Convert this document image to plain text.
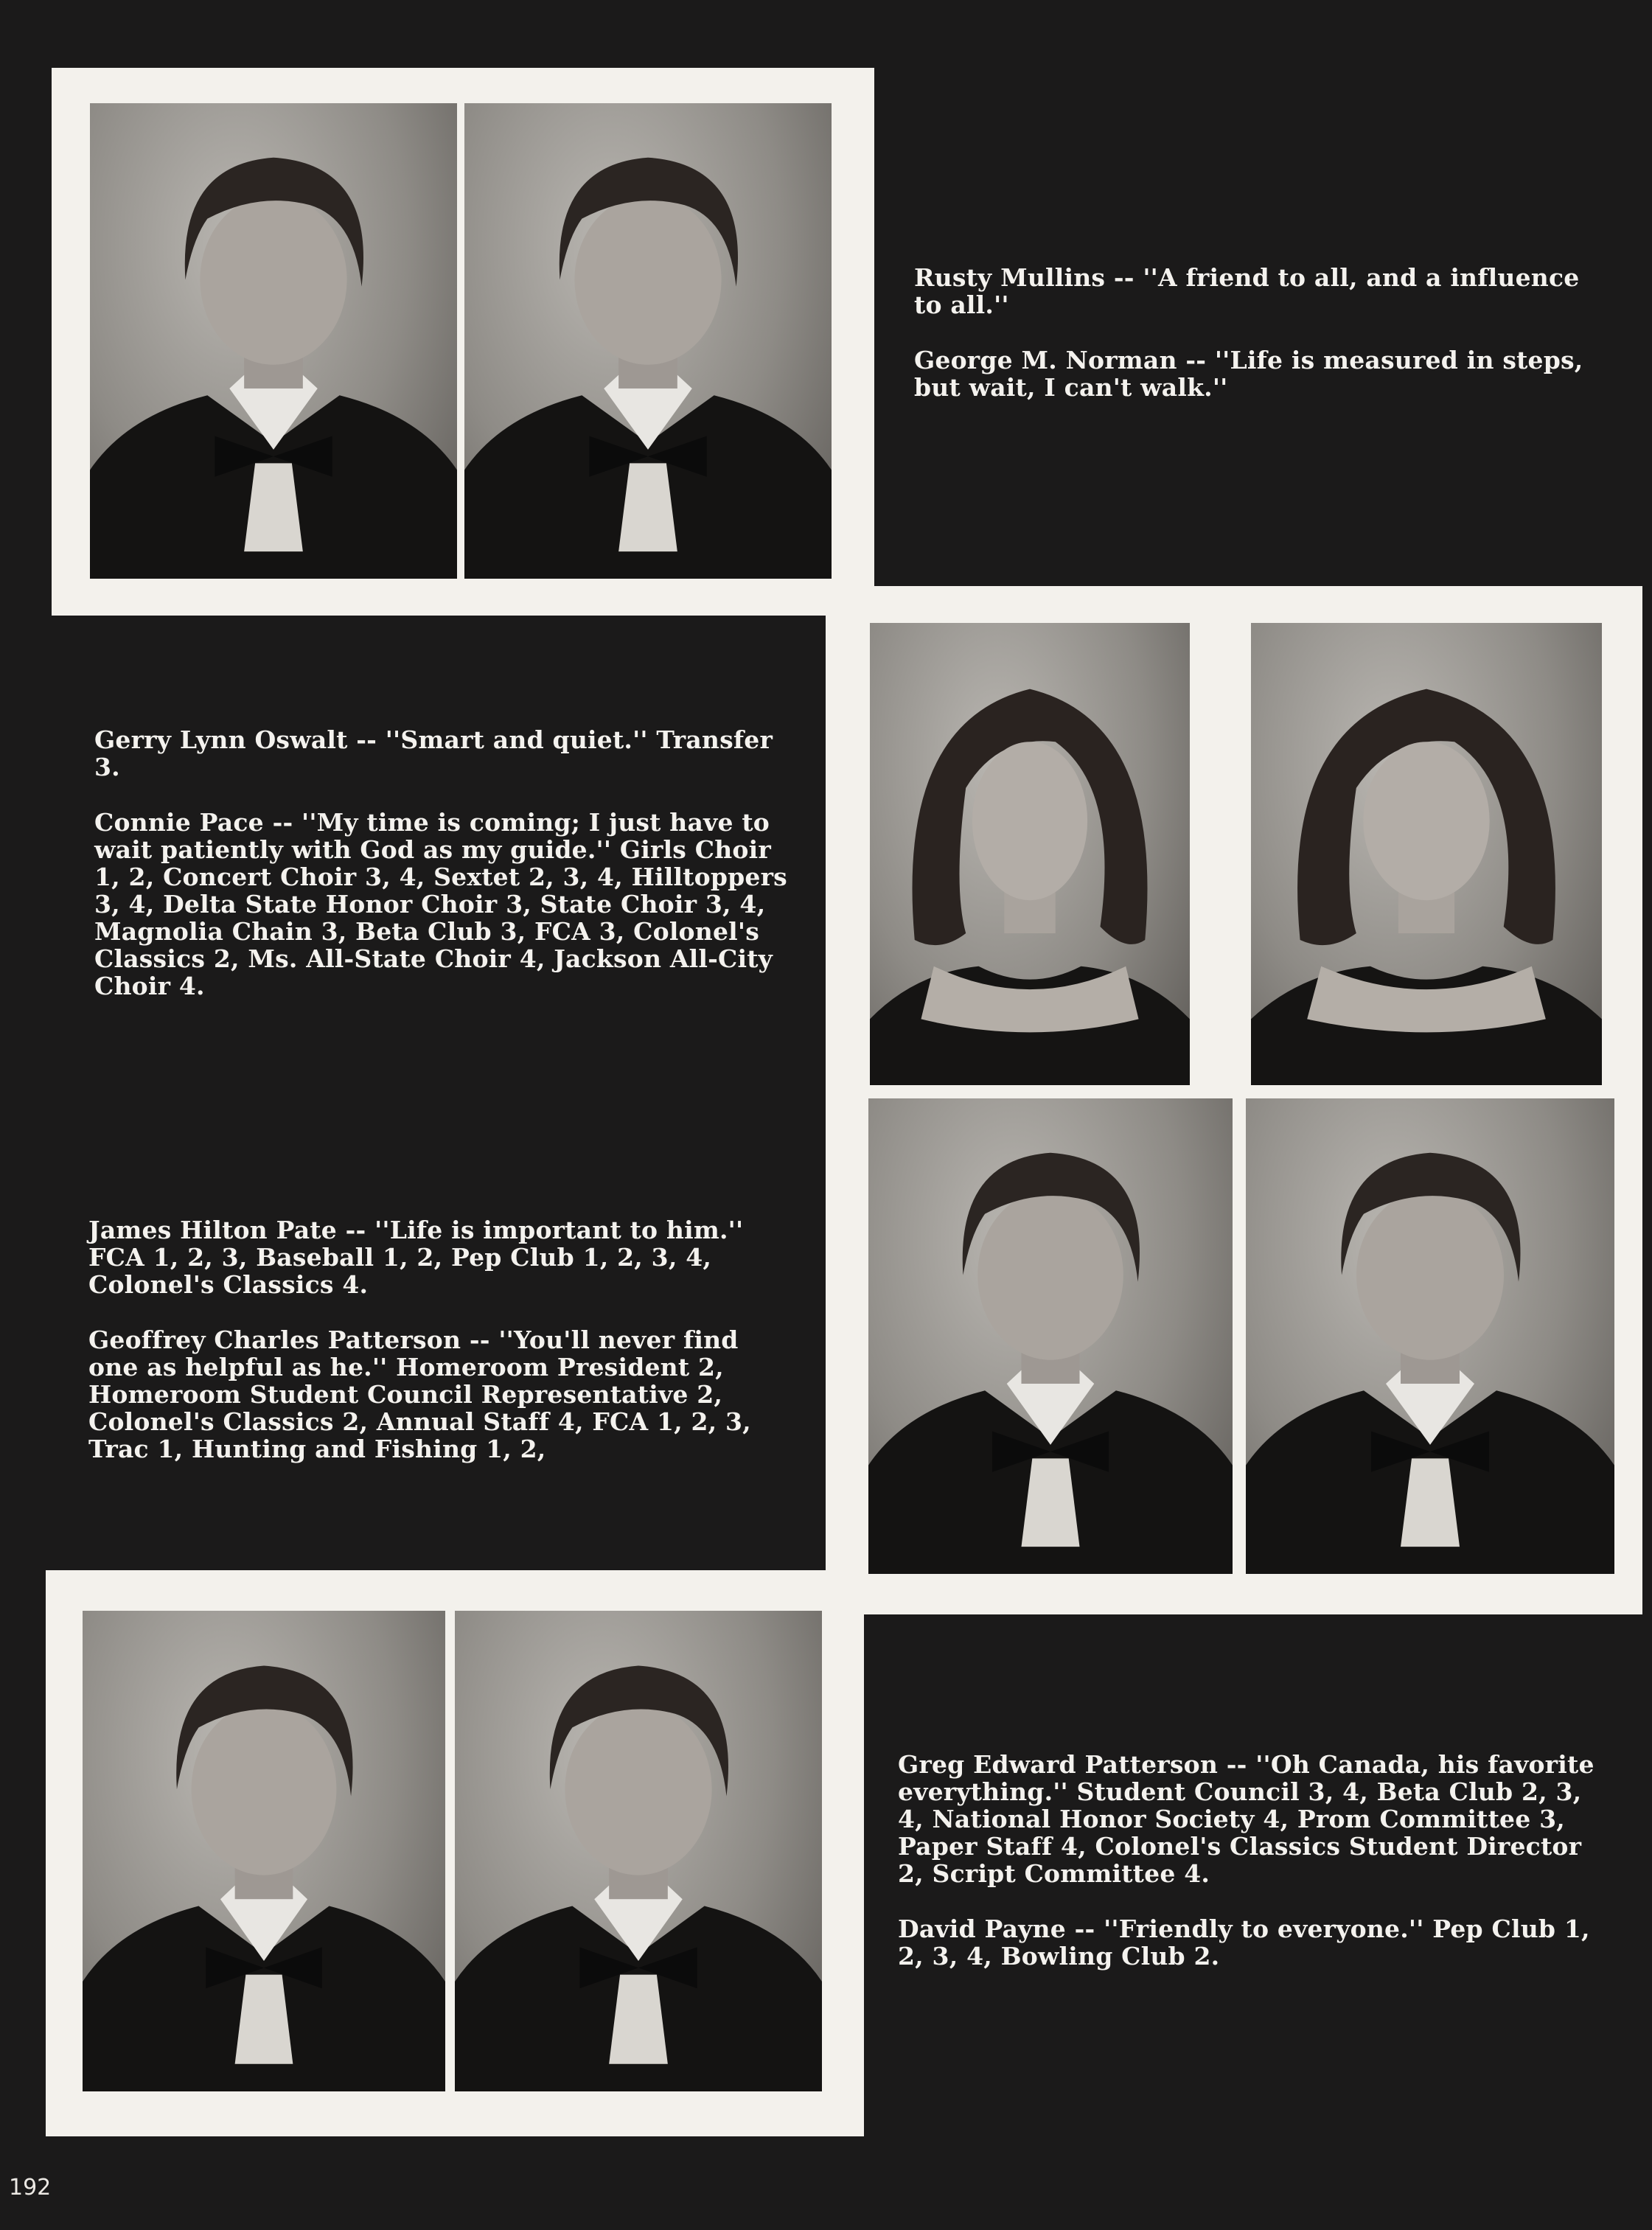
Rusty Mullins -- ''A friend to all, and a influence to all.''

George M. Norman -- ''Life is measured in steps, but wait, I can't walk.''

Gerry Lynn Oswalt -- ''Smart and quiet.'' Transfer 3.

Connie Pace -- ''My time is coming; I just have to wait patiently with God as my guide.'' Girls Choir 1, 2, Concert Choir 3, 4, Sextet 2, 3, 4, Hilltoppers 3, 4, Delta State Honor Choir 3, State Choir 3, 4, Magnolia Chain 3, Beta Club 3, FCA 3, Colonel's Classics 2, Ms. All-State Choir 4, Jackson All-City Choir 4.

James Hilton Pate -- ''Life is important to him.'' FCA 1, 2, 3, Baseball 1, 2, Pep Club 1, 2, 3, 4, Colonel's Classics 4.

Geoffrey Charles Patterson -- ''You'll never find one as helpful as he.'' Homeroom President 2, Homeroom Student Council Representative 2, Colonel's Classics 2, Annual Staff 4, FCA 1, 2, 3, Trac 1, Hunting and Fishing 1, 2,

Greg Edward Patterson -- ''Oh Canada, his favorite everything.'' Student Council 3, 4, Beta Club 2, 3, 4, National Honor Society 4, Prom Committee 3, Paper Staff 4, Colonel's Classics Student Director 2, Script Committee 4.

David Payne -- ''Friendly to everyone.'' Pep Club 1, 2, 3, 4, Bowling Club 2.

192
